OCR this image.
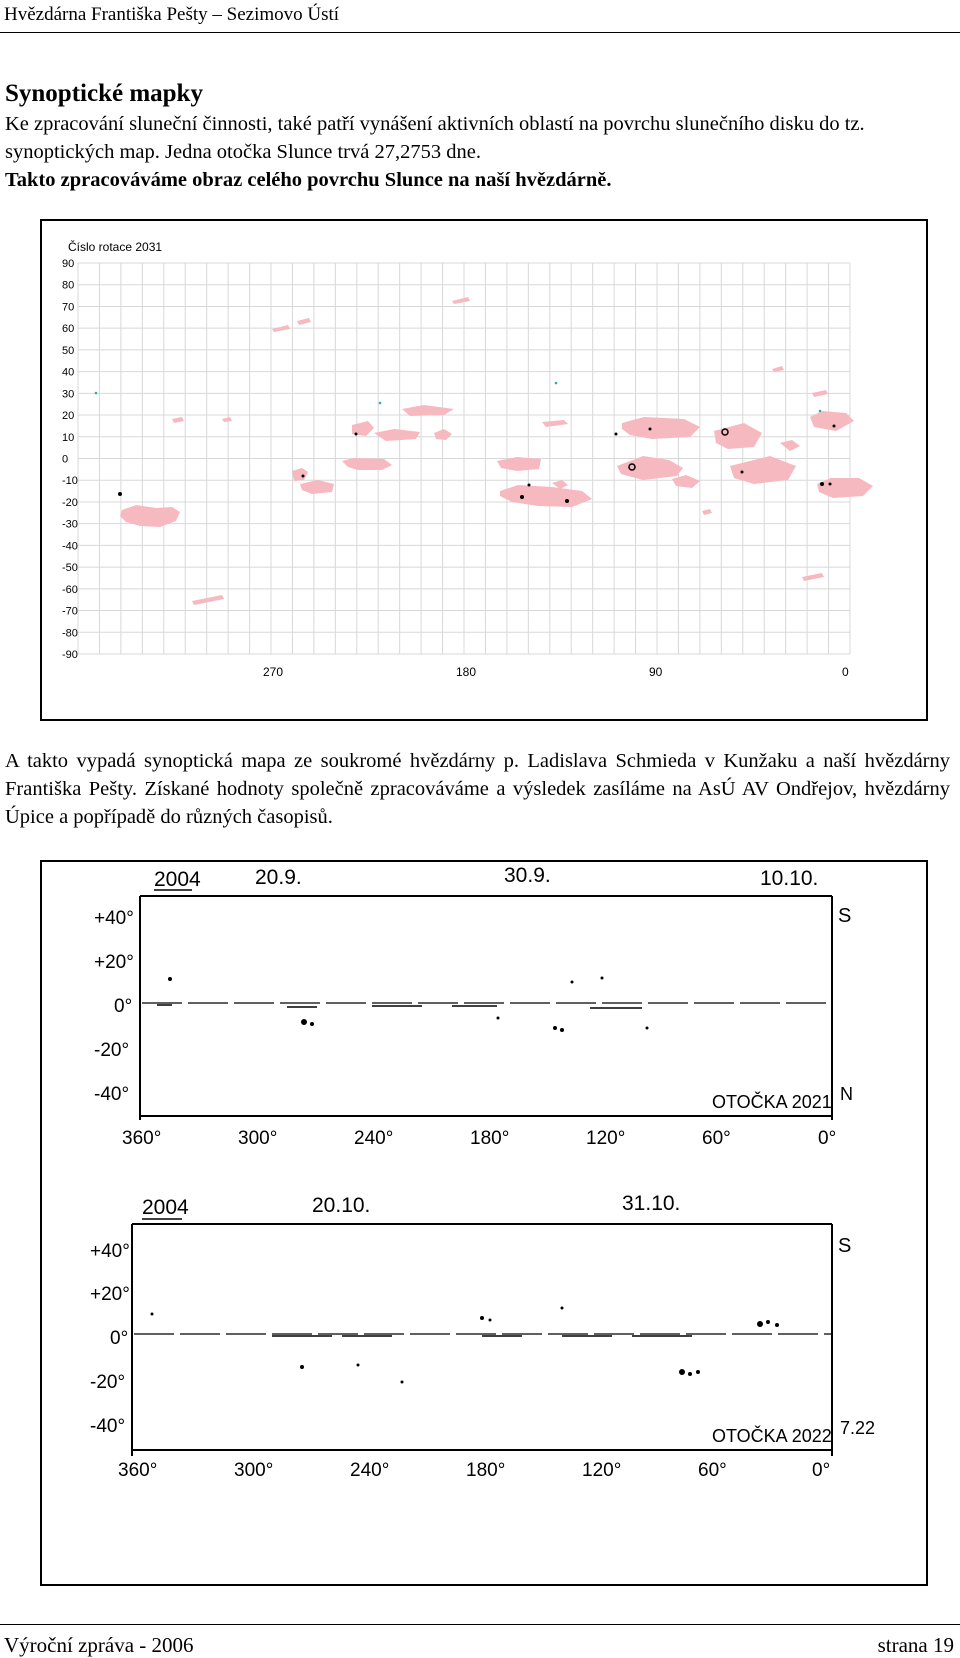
Hvězdárna Františka Pešty – Sezimovo Ústí
Synoptické mapky
Ke zpracování sluneční činnosti, také patří vynášení aktivních oblastí na povrchu slunečního disku do tz. synoptických map. Jedna otočka Slunce trvá 27,2753 dne.
Takto zpracováváme obraz celého povrchu Slunce na naší hvězdárně.
Číslo rotace 2031
90
80
70
60
50
40
30
20
10
0
-10
-20
-30
-40
-50
-60
-70
-80
-90
270	180	90	0
A takto vypadá synoptická mapa ze soukromé hvězdárny p. Ladislava Schmieda v Kunžaku a naší hvězdárny Františka Pešty. Získané hodnoty společně zpracováváme a výsledek zasíláme na AsÚ AV Ondřejov, hvězdárny Úpice a popřípadě do různých časopisů.
2004	20.9.	30.9.	10.10.
+40°
+20°
0°
-20°
-40°
360°	300°	240°	180°	120°	60°	0°
OTOČKA 2021
S
N
2004	20.10.	31.10.
+40°
+20°
0°
-20°
-40°
360°	300°	240°	180°	120°	60°	0°
OTOČKA 2022
S
7.22
Výroční zpráva - 2006	strana 19
